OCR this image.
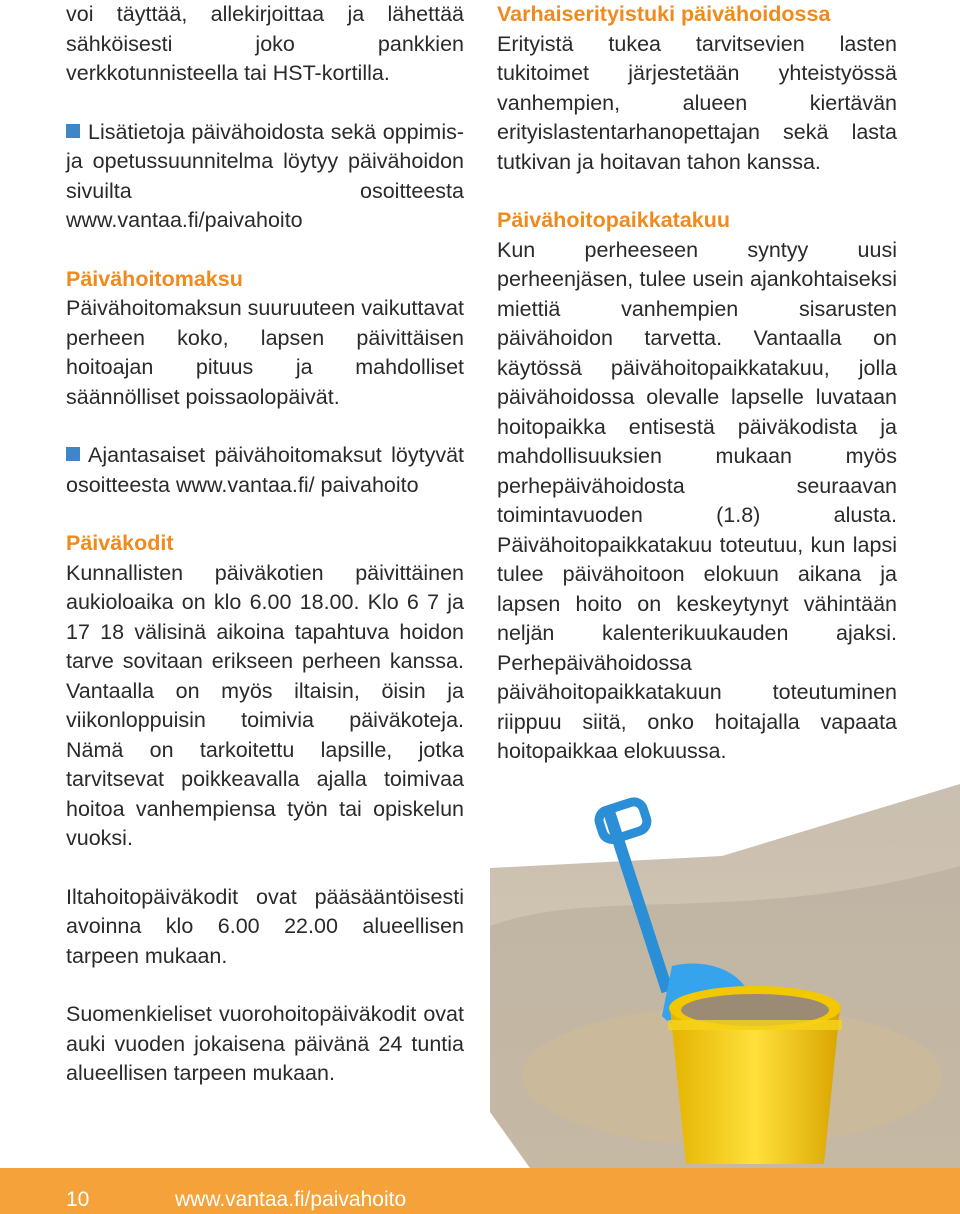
voi täyttää, allekirjoittaa ja lähettää sähköisesti joko pankkien verkkotunnisteella tai HST-kortilla.

Lisätietoja päivähoidosta sekä oppimis- ja opetussuunnitelma löytyy päivähoidon sivuilta osoitteesta www.vantaa.fi/paivahoito

Päivähoitomaksu

Päivähoitomaksun suuruuteen vaikuttavat perheen koko, lapsen päivittäisen hoitoajan pituus ja mahdolliset säännölliset poissaolopäivät.

Ajantasaiset päivähoitomaksut löytyvät osoitteesta www.vantaa.fi/ paivahoito

Päiväkodit

Kunnallisten päiväkotien päivittäinen aukioloaika on klo 6.00 18.00. Klo 6 7 ja 17 18 välisinä aikoina tapahtuva hoidon tarve sovitaan erikseen perheen kanssa. Vantaalla on myös iltaisin, öisin ja viikonloppuisin toimivia päiväkoteja. Nämä on tarkoitettu lapsille, jotka tarvitsevat poikkeavalla ajalla toimivaa hoitoa vanhempiensa työn tai opiskelun vuoksi.

Iltahoitopäiväkodit ovat pääsääntöisesti avoinna klo 6.00 22.00 alueellisen tarpeen mukaan.

Suomenkieliset vuorohoitopäiväkodit ovat auki vuoden jokaisena päivänä 24 tuntia alueellisen tarpeen mukaan.

Varhaiserityistuki päivähoidossa

Erityistä tukea tarvitsevien lasten tukitoimet järjestetään yhteistyössä vanhempien, alueen kiertävän erityislastentarhanopettajan sekä lasta tutkivan ja hoitavan tahon kanssa.

Päivähoitopaikkatakuu

Kun perheeseen syntyy uusi perheenjäsen, tulee usein ajankohtaiseksi miettiä vanhempien sisarusten päivähoidon tarvetta. Vantaalla on käytössä päivähoitopaikkatakuu, jolla päivähoidossa olevalle lapselle luvataan hoitopaikka entisestä päiväkodista ja mahdollisuuksien mukaan myös perhepäivähoidosta seuraavan toimintavuoden (1.8) alusta. Päivähoitopaikkatakuu toteutuu, kun lapsi tulee päivähoitoon elokuun aikana ja lapsen hoito on keskeytynyt vähintään neljän kalenterikuukauden ajaksi. Perhepäivähoidossa päivähoitopaikkatakuun toteutuminen riippuu siitä, onko hoitajalla vapaata hoitopaikkaa elokuussa.

10	www.vantaa.fi/paivahoito
